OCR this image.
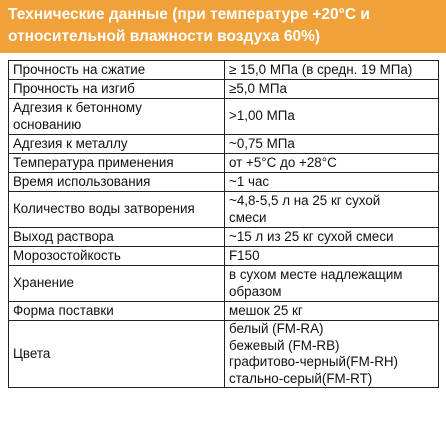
Технические данные (при температуре +20°С и
относительной влажности воздуха 60%)
Прочность на сжатие	≥ 15,0 МПа (в средн. 19 МПа)

Прочность на изгиб	≥5,0 МПа

Адгезия к бетонному
основанию	>1,00 МПа

Адгезия к металлу	~0,75 МПа

Температура применения	от +5°С до +28°С

Время использования	~1 час

Количество воды затворения	~4,8-5,5 л на 25 кг сухой
смеси

Выход раствора	~15 л из 25 кг сухой смеси

Морозостойкость	F150

Хранение	в сухом месте надлежащим
образом

Форма поставки	мешок 25 кг

Цвета	белый (FM-RA)
бежевый (FM-RB)
графитово-черный(FM-RH)
стально-серый(FM-RT)
